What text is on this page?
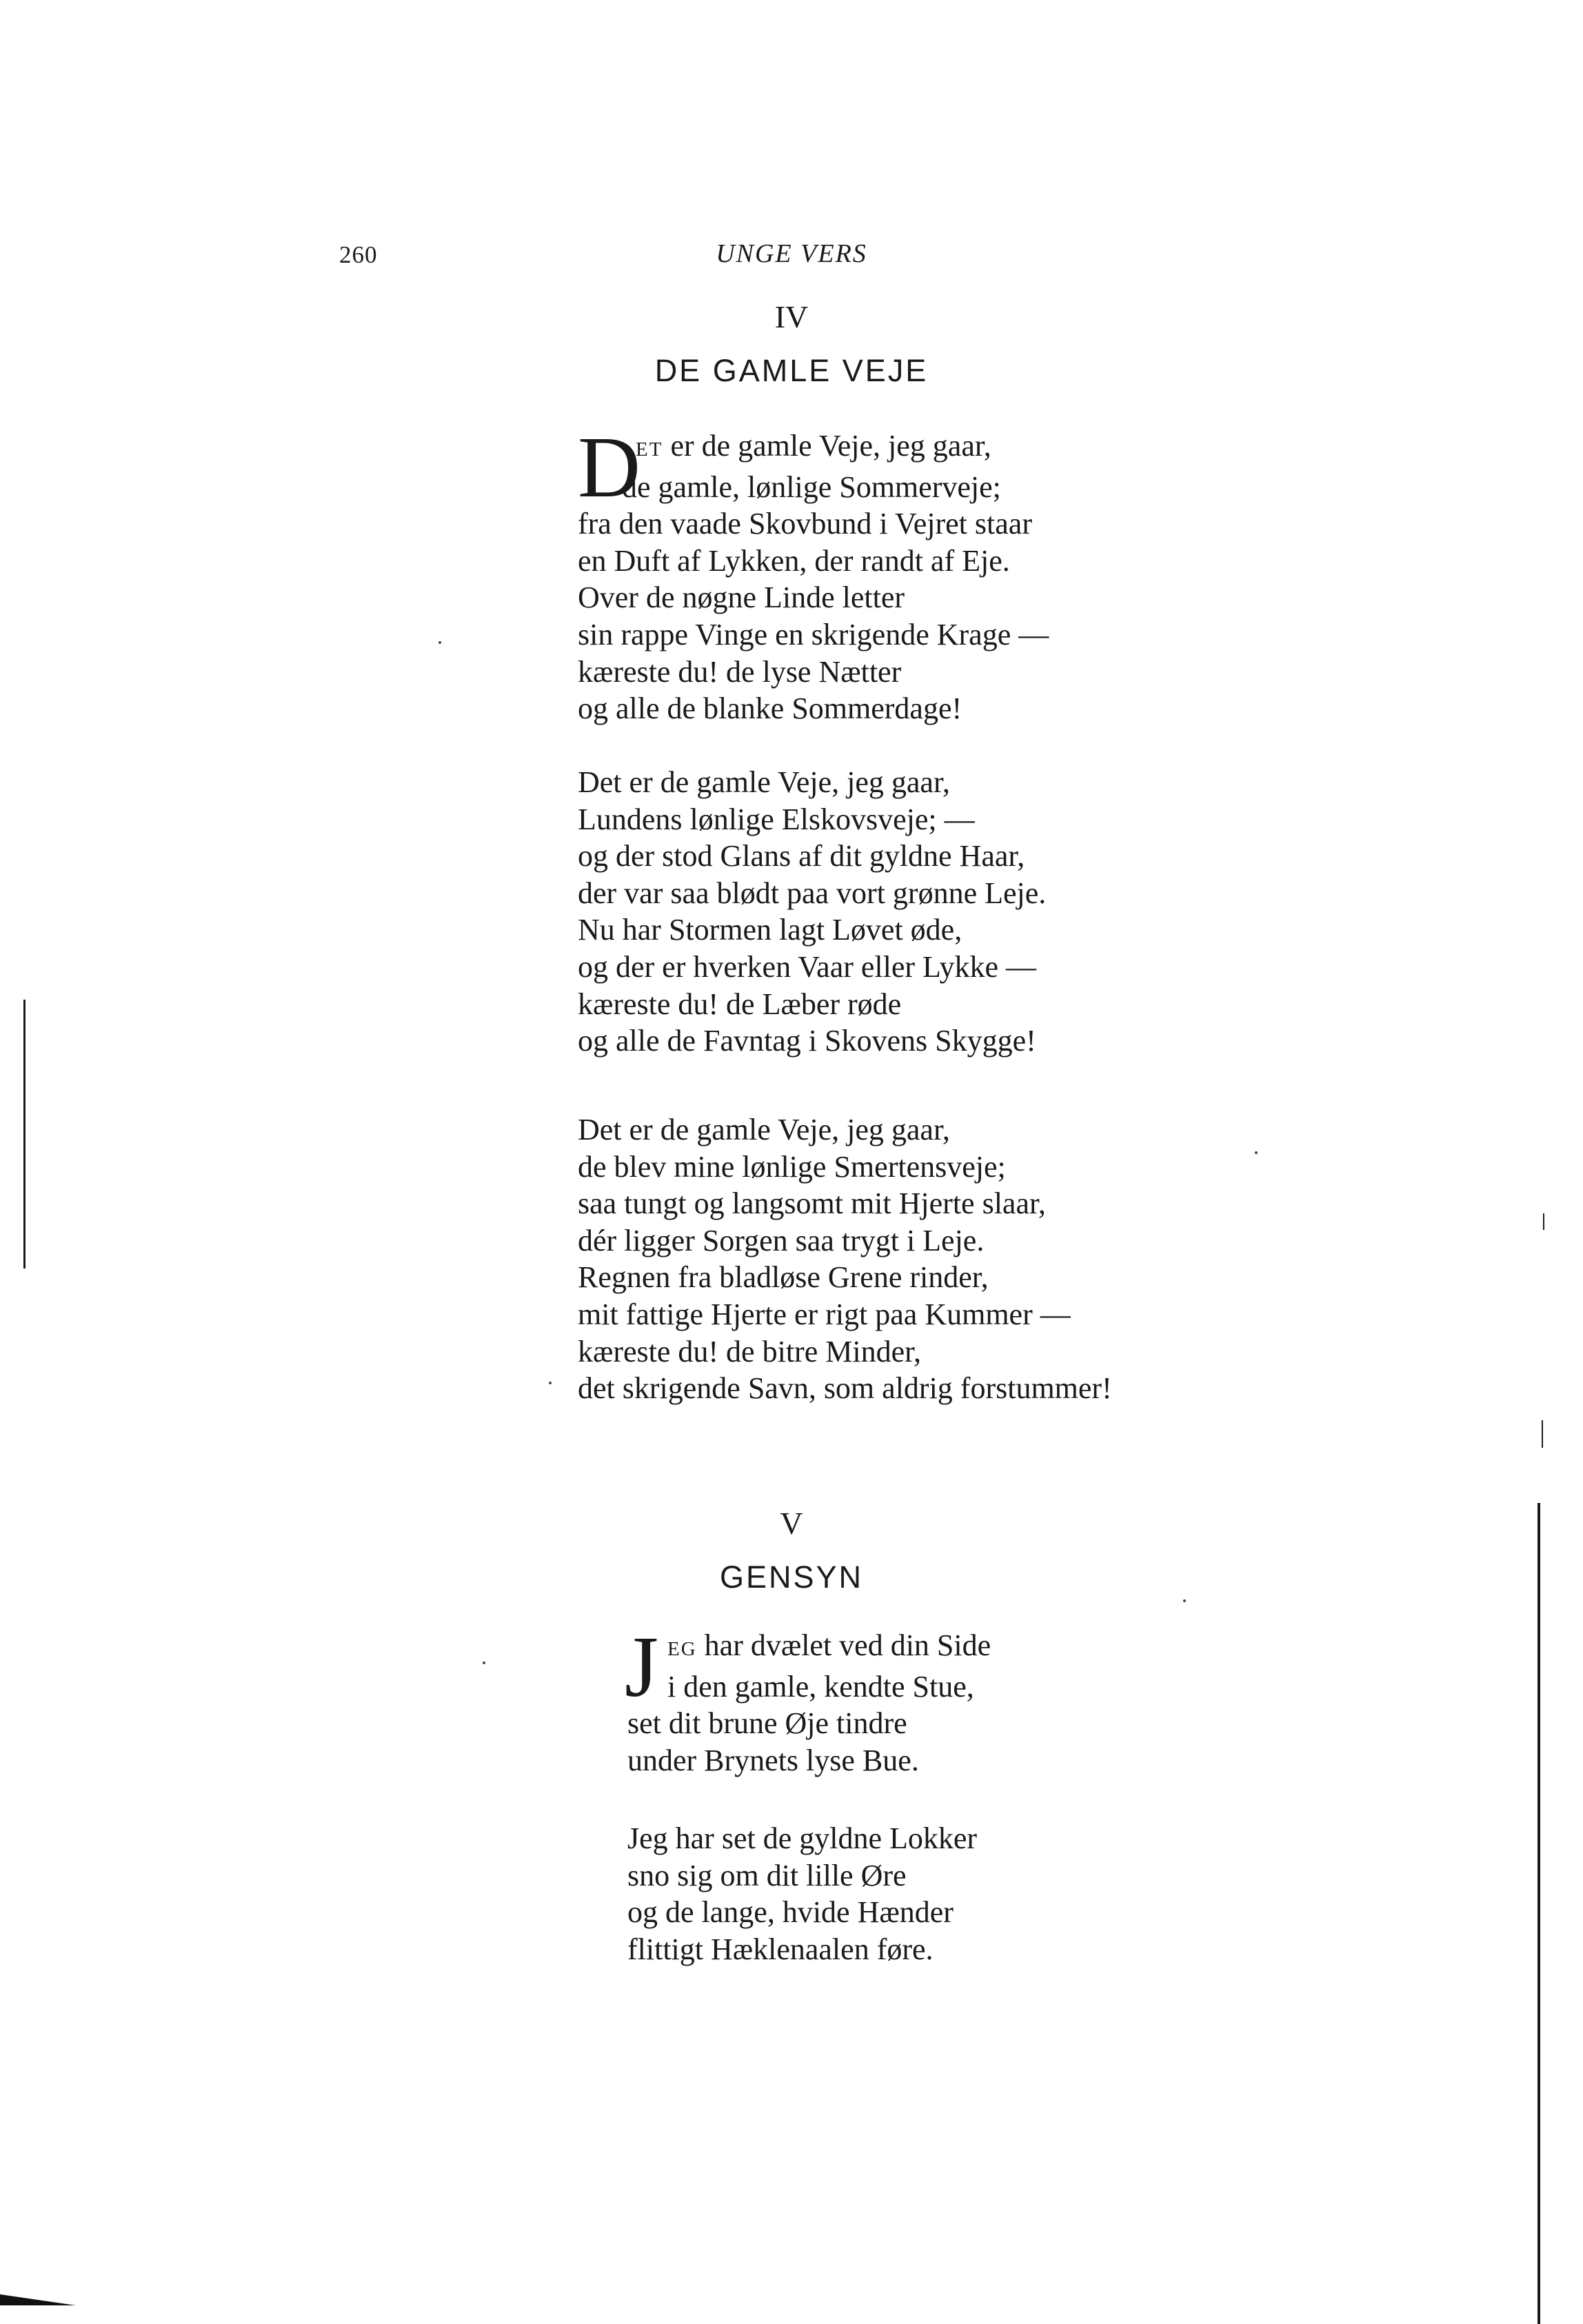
260	UNGE VERS
IV
DE GAMLE VEJE
D
ET er de gamle Veje, jeg gaar,
de gamle, lønlige Sommerveje;
fra den vaade Skovbund i Vejret staar
en Duft af Lykken, der randt af Eje.
Over de nøgne Linde letter
sin rappe Vinge en skrigende Krage —
kæreste du! de lyse Nætter
og alle de blanke Sommerdage!
Det er de gamle Veje, jeg gaar,
Lundens lønlige Elskovsveje; —
og der stod Glans af dit gyldne Haar,
der var saa blødt paa vort grønne Leje.
Nu har Stormen lagt Løvet øde,
og der er hverken Vaar eller Lykke —
kæreste du! de Læber røde
og alle de Favntag i Skovens Skygge!
Det er de gamle Veje, jeg gaar,
de blev mine lønlige Smertensveje;
saa tungt og langsomt mit Hjerte slaar,
dér ligger Sorgen saa trygt i Leje.
Regnen fra bladløse Grene rinder,
mit fattige Hjerte er rigt paa Kummer —
kæreste du! de bitre Minder,
det skrigende Savn, som aldrig forstummer!
V
GENSYN
J EG har dvælet ved din Side
i den gamle, kendte Stue,
set dit brune Øje tindre
under Brynets lyse Bue.
Jeg har set de gyldne Lokker
sno sig om dit lille Øre
og de lange, hvide Hænder
flittigt Hæklenaalen føre.
